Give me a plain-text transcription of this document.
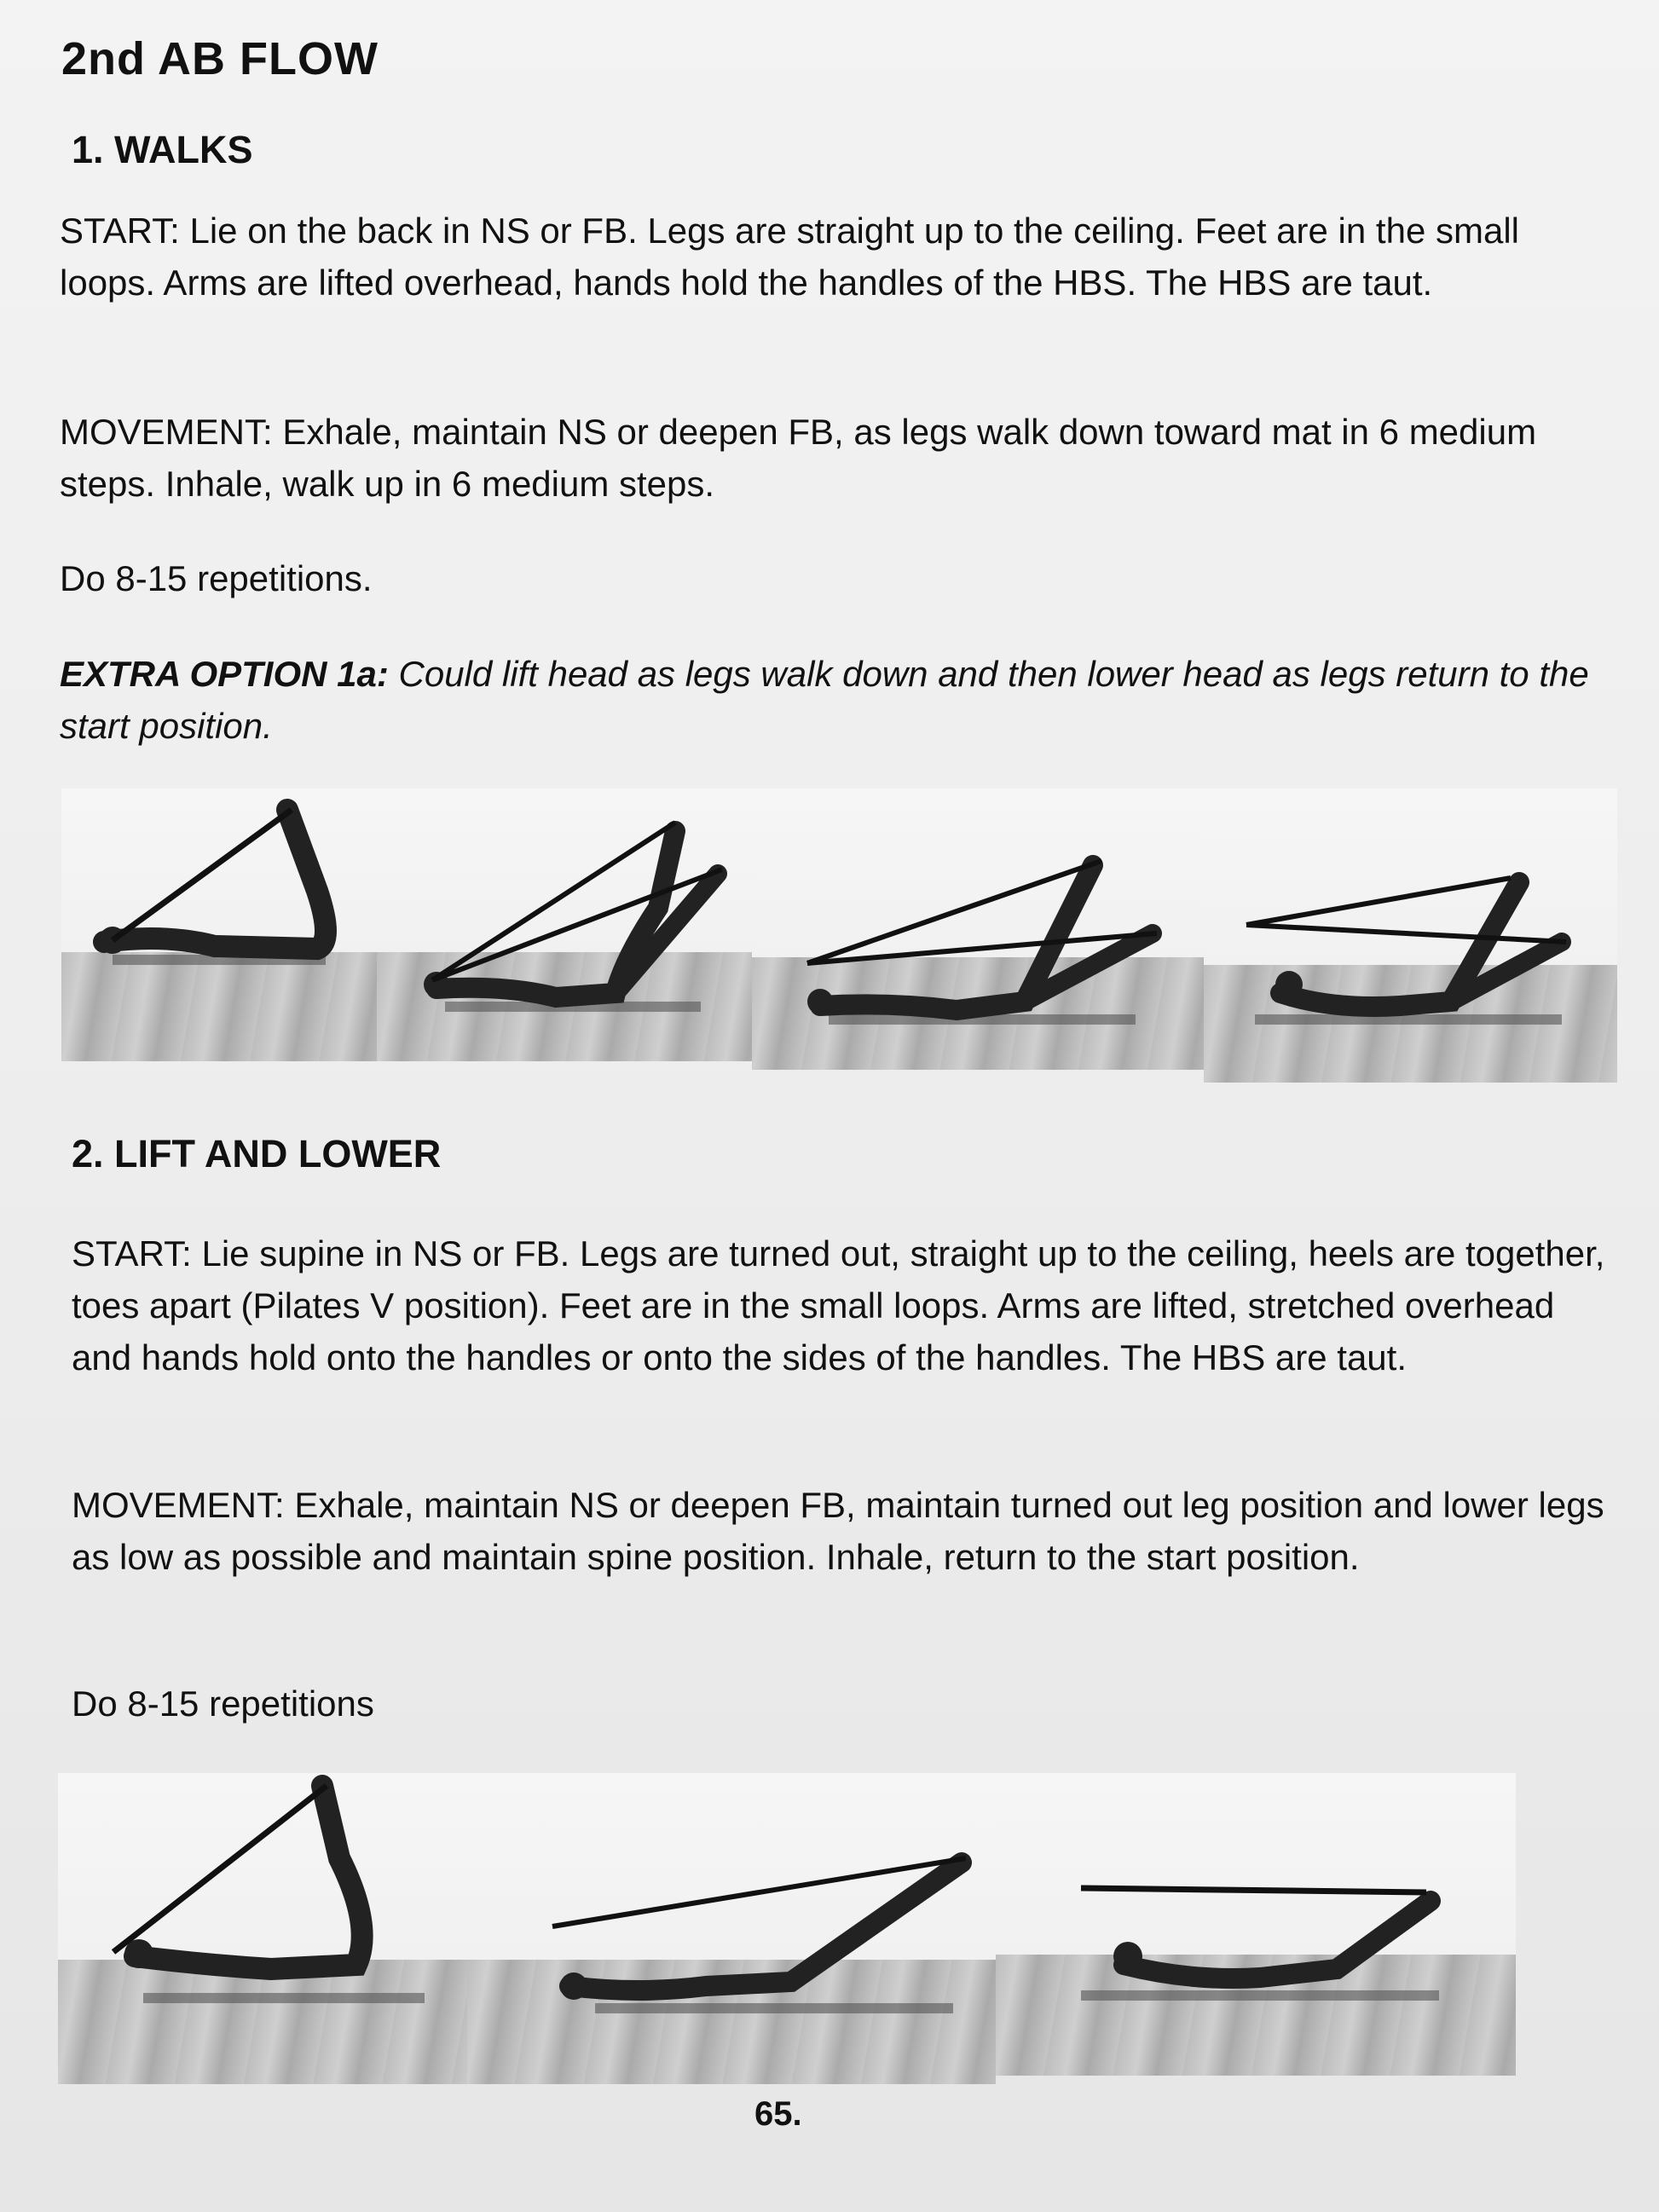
2nd AB FLOW
1. WALKS
START: Lie on the back in NS or FB. Legs are straight up to the ceiling. Feet are in the small loops. Arms are lifted overhead, hands hold the handles of the HBS. The HBS are taut.
MOVEMENT: Exhale, maintain NS or deepen FB, as legs walk down toward mat in 6 medium steps. Inhale, walk up in 6 medium steps.
Do 8-15 repetitions.
EXTRA OPTION 1a: Could lift head as legs walk down and then lower head as legs return to the start position.
2. LIFT AND LOWER
START: Lie supine in NS or FB. Legs are turned out, straight up to the ceiling, heels are together, toes apart (Pilates V position). Feet are in the small loops. Arms are lifted, stretched overhead and hands hold onto the handles or onto the sides of the handles. The HBS are taut.
MOVEMENT: Exhale, maintain NS or deepen FB, maintain turned out leg position and lower legs as low as possible and maintain spine position. Inhale, return to the start position.
Do 8-15 repetitions
65.
